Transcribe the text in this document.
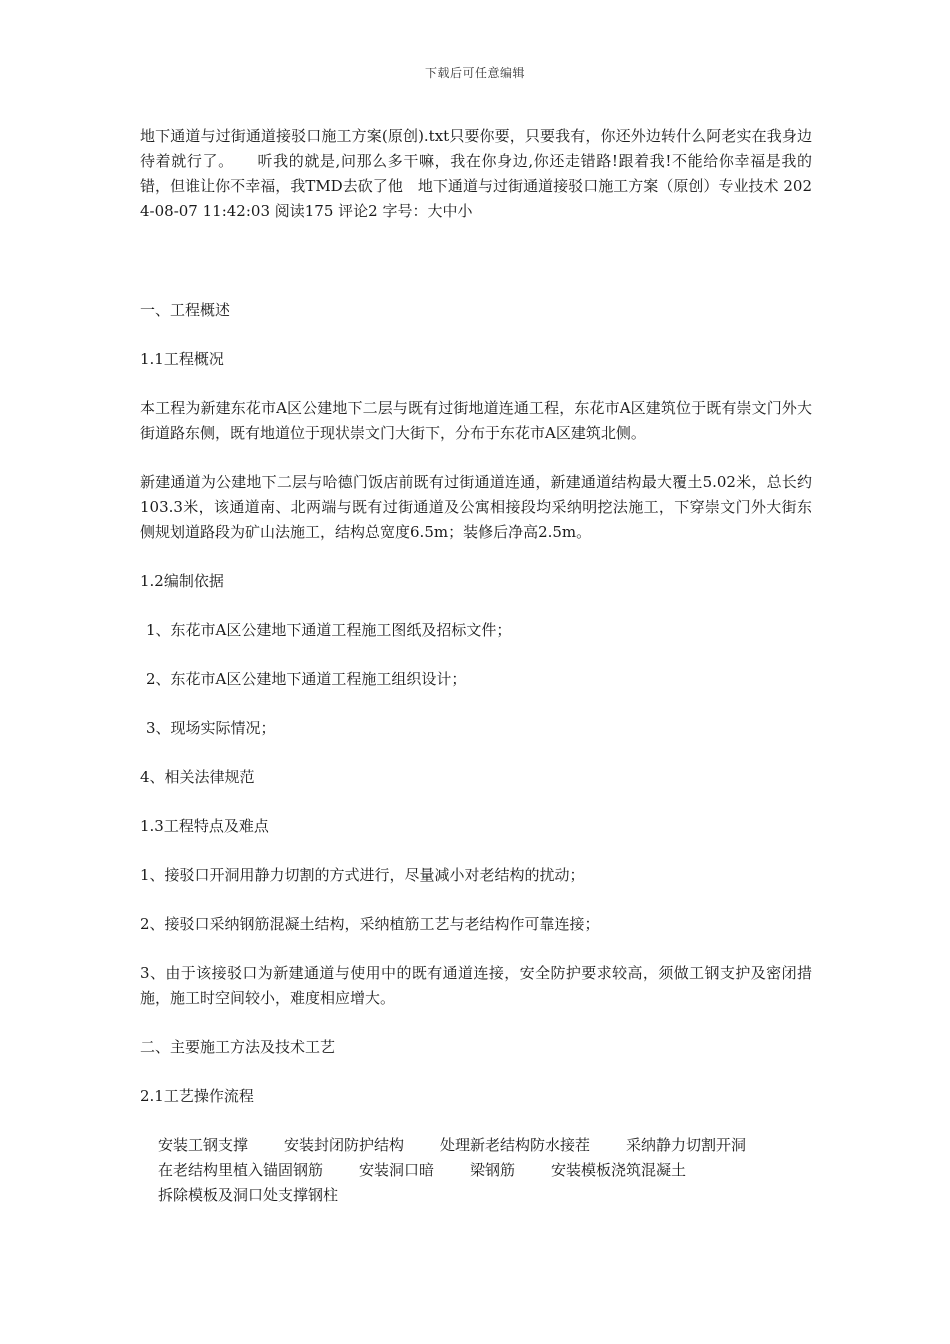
下载后可任意编辑

地下通道与过街通道接驳口施工方案(原创).txt只要你要，只要我有，你还外边转什么阿老实在我身边待着就行了。　　听我的就是,问那么多干嘛，我在你身边,你还走错路!跟着我!不能给你幸福是我的错，但谁让你不幸福，我TMD去砍了他　地下通道与过街通道接驳口施工方案（原创）专业技术 2024-08-07 11:42:03 阅读175 评论2 字号：大中小

一、工程概述

1.1工程概况

本工程为新建东花市A区公建地下二层与既有过街地道连通工程，东花市A区建筑位于既有崇文门外大街道路东侧，既有地道位于现状崇文门大街下，分布于东花市A区建筑北侧。

新建通道为公建地下二层与哈德门饭店前既有过街通道连通，新建通道结构最大覆土5.02米，总长约103.3米，该通道南、北两端与既有过街通道及公寓相接段均采纳明挖法施工，下穿崇文门外大街东侧规划道路段为矿山法施工，结构总宽度6.5m；装修后净高2.5m。

1.2编制依据

1、东花市A区公建地下通道工程施工图纸及招标文件；

2、东花市A区公建地下通道工程施工组织设计；

3、现场实际情况；

4、相关法律规范

1.3工程特点及难点

1、接驳口开洞用静力切割的方式进行，尽量减小对老结构的扰动；

2、接驳口采纳钢筋混凝土结构，采纳植筋工艺与老结构作可靠连接；

3、由于该接驳口为新建通道与使用中的既有通道连接，安全防护要求较高，须做工钢支护及密闭措施，施工时空间较小，难度相应增大。

二、主要施工方法及技术工艺

2.1工艺操作流程

安装工钢支撑 安装封闭防护结构 处理新老结构防水接茬 采纳静力切割开洞在老结构里植入锚固钢筋 安装洞口暗 梁钢筋 安装模板浇筑混凝土拆除模板及洞口处支撑钢柱
